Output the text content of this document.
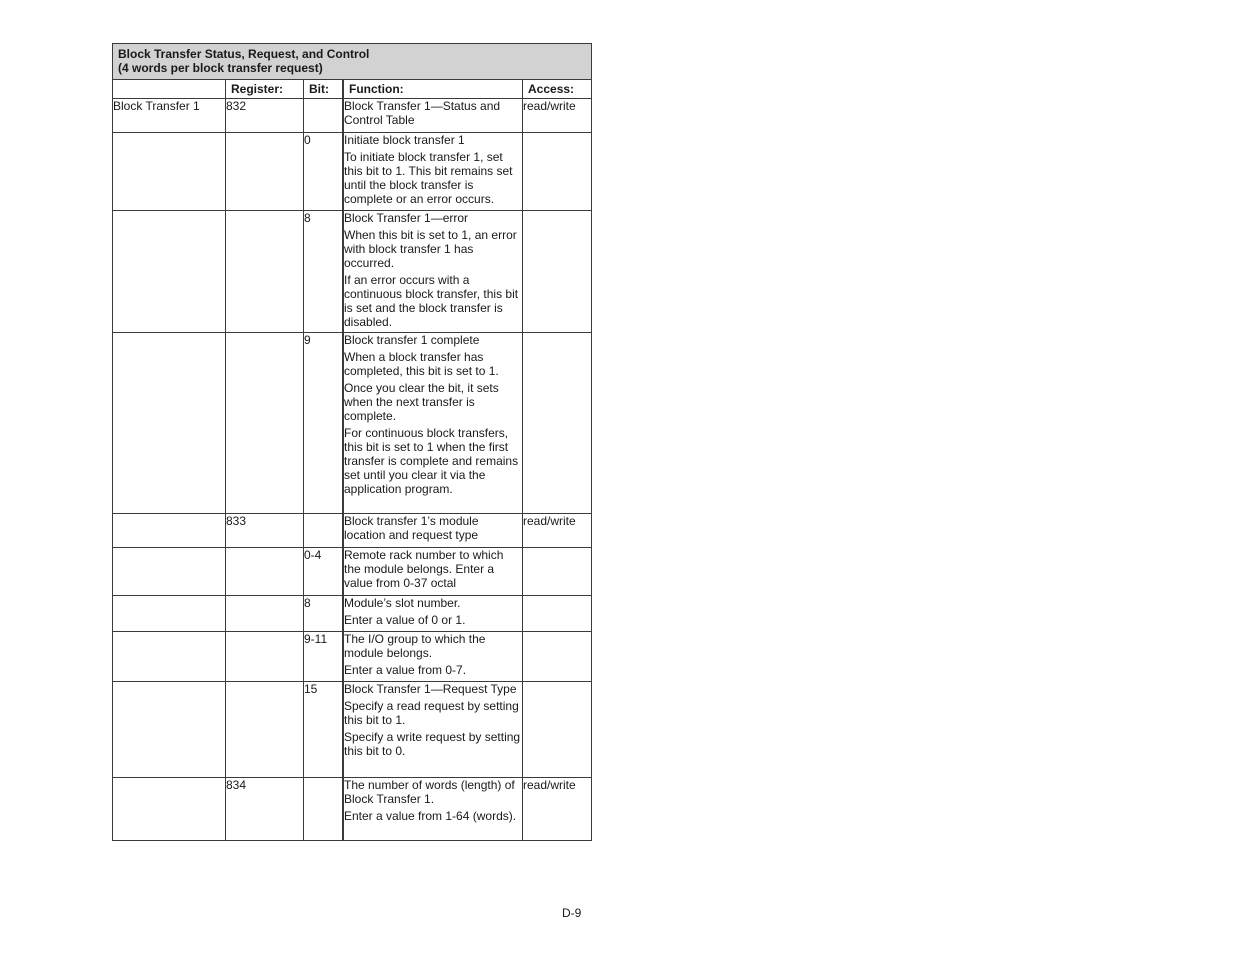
Block Transfer Status, Request, and Control
(4 words per block transfer request)				

	Register:	Bit:		Function:	Access:
Block Transfer 1	832			Block Transfer 1—Status and Control Table	read/write
		0		Initiate block transfer 1
To initiate block transfer 1, set this bit to 1. This bit remains set until the block transfer is complete or an error occurs.	

		8		Block Transfer 1—error
When this bit is set to 1, an error with block transfer 1 has occurred.
If an error occurs with a continuous block transfer, this bit is set and the block transfer is disabled.	

		9		Block transfer 1 complete
When a block transfer has completed, this bit is set to 1.
Once you clear the bit, it sets when the next transfer is complete.
For continuous block transfers, this bit is set to 1 when the first transfer is complete and remains set until you clear it via the application program.	

	833			Block transfer 1’s module location and request type	read/write
		0-4		Remote rack number to which the module belongs. Enter a value from 0-37 octal	

		8		Module’s slot number.
Enter a value of 0 or 1.	

		9-11		The I/O group to which the module belongs.
Enter a value from 0-7.	

		15		Block Transfer 1—Request Type
Specify a read request by setting this bit to 1.
Specify a write request by setting this bit to 0.	

	834			The number of words (length) of Block Transfer 1.
Enter a value from 1-64 (words).	read/write
D-9
